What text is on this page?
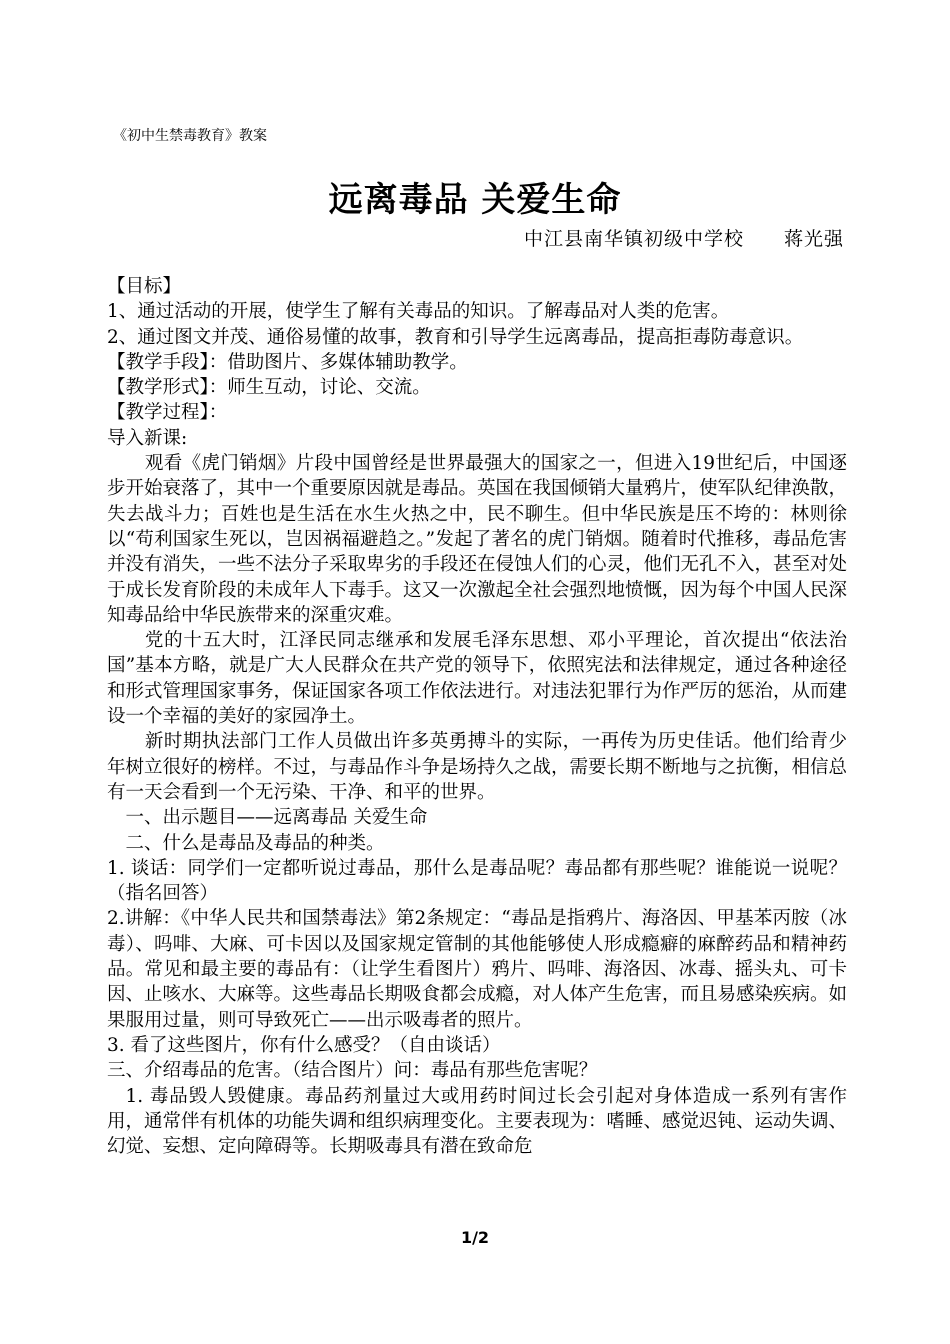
《初中生禁毒教育》教案
远离毒品 关爱生命
中江县南华镇初级中学校 蒋光强

【目标】

1、通过活动的开展，使学生了解有关毒品的知识。了解毒品对人类的危害。

2、通过图文并茂、通俗易懂的故事，教育和引导学生远离毒品，提高拒毒防毒意识。

【教学手段】：借助图片、多媒体辅助教学。

【教学形式】：师生互动，讨论、交流。

【教学过程】：

导入新课:

观看《虎门销烟》片段中国曾经是世界最强大的国家之一，但进入19世纪后，中国逐步开始衰落了，其中一个重要原因就是毒品。英国在我国倾销大量鸦片，使军队纪律涣散，失去战斗力；百姓也是生活在水生火热之中，民不聊生。但中华民族是压不垮的：林则徐以“苟利国家生死以，岂因祸福避趋之。”发起了著名的虎门销烟。随着时代推移，毒品危害并没有消失，一些不法分子采取卑劣的手段还在侵蚀人们的心灵，他们无孔不入，甚至对处于成长发育阶段的未成年人下毒手。这又一次激起全社会强烈地愤慨，因为每个中国人民深知毒品给中华民族带来的深重灾难。

党的十五大时，江泽民同志继承和发展毛泽东思想、邓小平理论，首次提出“依法治国”基本方略，就是广大人民群众在共产党的领导下，依照宪法和法律规定，通过各种途径和形式管理国家事务，保证国家各项工作依法进行。对违法犯罪行为作严厉的惩治，从而建设一个幸福的美好的家园净土。

新时期执法部门工作人员做出许多英勇搏斗的实际，一再传为历史佳话。他们给青少年树立很好的榜样。不过，与毒品作斗争是场持久之战，需要长期不断地与之抗衡，相信总有一天会看到一个无污染、干净、和平的世界。

一、出示题目——远离毒品 关爱生命

二、什么是毒品及毒品的种类。

1. 谈话：同学们一定都听说过毒品，那什么是毒品呢？毒品都有那些呢？谁能说一说呢？（指名回答）

2.讲解：《中华人民共和国禁毒法》第2条规定：“毒品是指鸦片、海洛因、甲基苯丙胺（冰毒）、吗啡、大麻、可卡因以及国家规定管制的其他能够使人形成瘾癖的麻醉药品和精神药品。常见和最主要的毒品有：（让学生看图片）鸦片、吗啡、海洛因、冰毒、摇头丸、可卡因、止咳水、大麻等。这些毒品长期吸食都会成瘾，对人体产生危害，而且易感染疾病。如果服用过量，则可导致死亡——出示吸毒者的照片。

3. 看了这些图片，你有什么感受？（自由谈话）

三、介绍毒品的危害。（结合图片）问：毒品有那些危害呢？

1. 毒品毁人毁健康。毒品药剂量过大或用药时间过长会引起对身体造成一系列有害作用，通常伴有机体的功能失调和组织病理变化。主要表现为：嗜睡、感觉迟钝、运动失调、幻觉、妄想、定向障碍等。长期吸毒具有潜在致命危

1/2
